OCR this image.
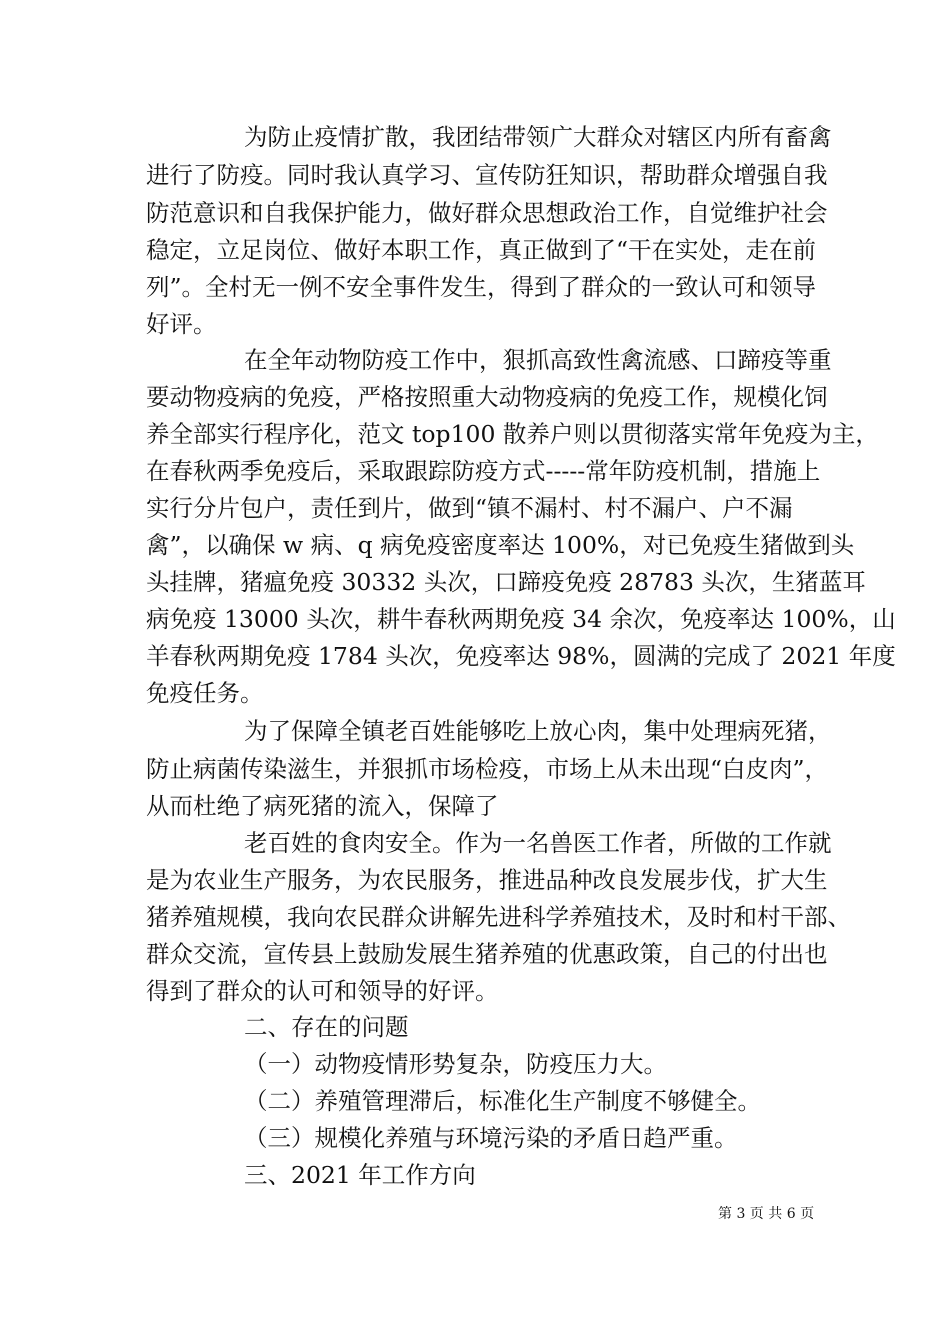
为防止疫情扩散，我团结带领广大群众对辖区内所有畜禽
进行了防疫。同时我认真学习、宣传防狂知识，帮助群众增强自我
防范意识和自我保护能力，做好群众思想政治工作，自觉维护社会
稳定，立足岗位、做好本职工作，真正做到了“干在实处，走在前
列”。全村无一例不安全事件发生，得到了群众的一致认可和领导
好评。
在全年动物防疫工作中，狠抓高致性禽流感、口蹄疫等重
要动物疫病的免疫，严格按照重大动物疫病的免疫工作，规模化饲
养全部实行程序化，范文 top100 散养户则以贯彻落实常年免疫为主，
在春秋两季免疫后，采取跟踪防疫方式-----常年防疫机制，措施上
实行分片包户，责任到片，做到“镇不漏村、村不漏户、户不漏
禽”，以确保 w 病、q 病免疫密度率达 100%，对已免疫生猪做到头
头挂牌，猪瘟免疫 30332 头次，口蹄疫免疫 28783 头次，生猪蓝耳
病免疫 13000 头次，耕牛春秋两期免疫 34 余次，免疫率达 100%，山
羊春秋两期免疫 1784 头次，免疫率达 98%，圆满的完成了 2021 年度
免疫任务。
为了保障全镇老百姓能够吃上放心肉，集中处理病死猪，
防止病菌传染滋生，并狠抓市场检疫，市场上从未出现“白皮肉”，
从而杜绝了病死猪的流入，保障了
老百姓的食肉安全。作为一名兽医工作者，所做的工作就
是为农业生产服务，为农民服务，推进品种改良发展步伐，扩大生
猪养殖规模，我向农民群众讲解先进科学养殖技术，及时和村干部、
群众交流，宣传县上鼓励发展生猪养殖的优惠政策，自己的付出也
得到了群众的认可和领导的好评。
二、存在的问题
（一）动物疫情形势复杂，防疫压力大。
（二）养殖管理滞后，标准化生产制度不够健全。
（三）规模化养殖与环境污染的矛盾日趋严重。
三、2021 年工作方向
第 3 页 共 6 页
